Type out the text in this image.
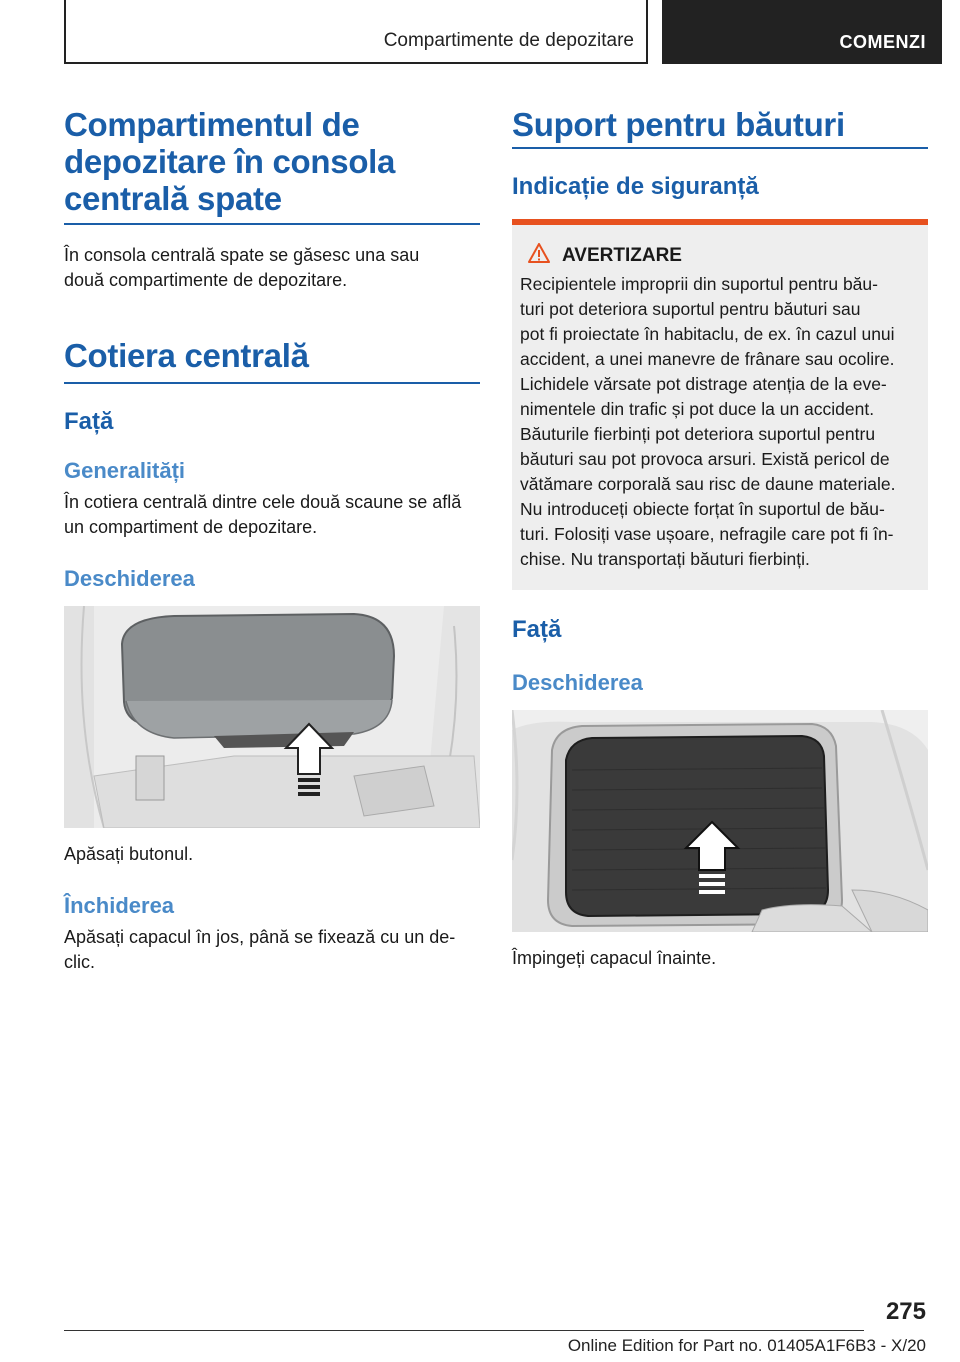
Compartimente de depozitare	COMENZI
Compartimentul de
depozitare în consola
centrală spate

În consola centrală spate se găsesc una sau
două compartimente de depozitare.

Cotiera centrală
Față
Generalități

În cotiera centrală dintre cele două scaune se află
un compartiment de depozitare.

Deschiderea

Apăsați butonul.

Închiderea

Apăsați capacul în jos, până se fixează cu un de-
clic.

Suport pentru băuturi
Indicație de siguranță
AVERTIZARE

Recipientele improprii din suportul pentru bău-
turi pot deteriora suportul pentru băuturi sau
pot fi proiectate în habitaclu, de ex. în cazul unui
accident, a unei manevre de frânare sau ocolire.
Lichidele vărsate pot distrage atenția de la eve-
nimentele din trafic și pot duce la un accident.
Băuturile fierbinți pot deteriora suportul pentru
băuturi sau pot provoca arsuri. Există pericol de
vătămare corporală sau risc de daune materiale.
Nu introduceți obiecte forțat în suportul de bău-
turi. Folosiți vase ușoare, nefragile care pot fi în-
chise. Nu transportați băuturi fierbinți.

Față
Deschiderea

Împingeți capacul înainte.

275
Online Edition for Part no. 01405A1F6B3 - X/20
